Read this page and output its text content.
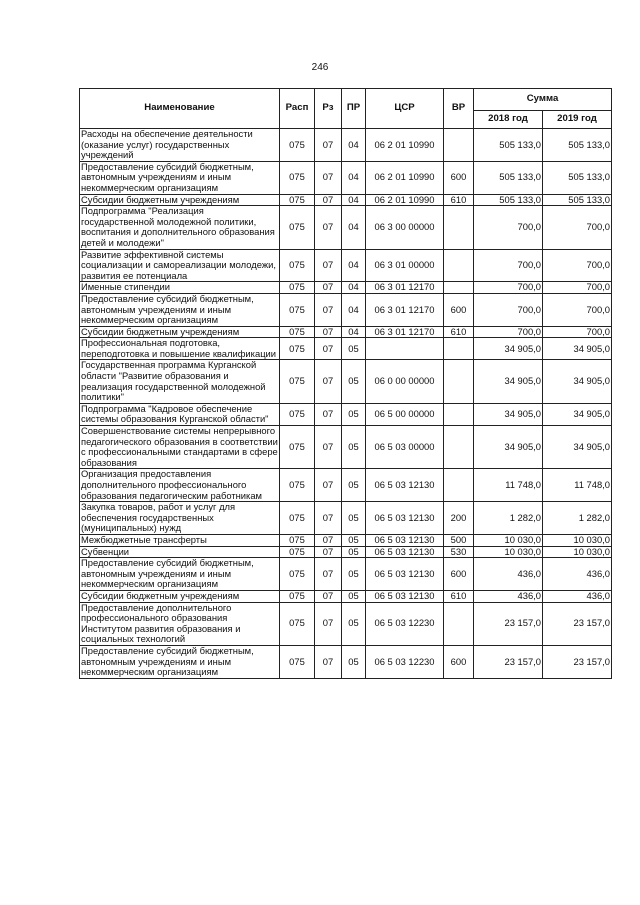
246
Наименование	Расп	Рз	ПР	ЦСР	ВР	Сумма	
						2018 год	2019 год
Расходы на обеспечение деятельности (оказание услуг) государственных учреждений	075	07	04	06 2 01 10990		505 133,0	505 133,0
Предоставление субсидий бюджетным, автономным учреждениям и иным некоммерческим организациям	075	07	04	06 2 01 10990	600	505 133,0	505 133,0
Субсидии бюджетным учреждениям	075	07	04	06 2 01 10990	610	505 133,0	505 133,0
Подпрограмма "Реализация государственной молодежной политики, воспитания и дополнительного образования детей и молодежи"	075	07	04	06 3 00 00000		700,0	700,0
Развитие эффективной системы социализации и самореализации молодежи, развития ее потенциала	075	07	04	06 3 01 00000		700,0	700,0
Именные стипендии	075	07	04	06 3 01 12170		700,0	700,0
Предоставление субсидий бюджетным, автономным учреждениям и иным некоммерческим организациям	075	07	04	06 3 01 12170	600	700,0	700,0
Субсидии бюджетным учреждениям	075	07	04	06 3 01 12170	610	700,0	700,0
Профессиональная подготовка, переподготовка и повышение квалификации	075	07	05			34 905,0	34 905,0
Государственная программа Курганской области "Развитие образования и реализация государственной молодежной политики"	075	07	05	06 0 00 00000		34 905,0	34 905,0
Подпрограмма "Кадровое обеспечение системы образования Курганской области"	075	07	05	06 5 00 00000		34 905,0	34 905,0
Совершенствование системы непрерывного педагогического образования в соответствии с профессиональными стандартами в сфере образования	075	07	05	06 5 03 00000		34 905,0	34 905,0
Организация предоставления дополнительного профессионального образования педагогическим работникам	075	07	05	06 5 03 12130		11 748,0	11 748,0
Закупка товаров, работ и услуг для обеспечения государственных (муниципальных) нужд	075	07	05	06 5 03 12130	200	1 282,0	1 282,0
Межбюджетные трансферты	075	07	05	06 5 03 12130	500	10 030,0	10 030,0
Субвенции	075	07	05	06 5 03 12130	530	10 030,0	10 030,0
Предоставление субсидий бюджетным, автономным учреждениям и иным некоммерческим организациям	075	07	05	06 5 03 12130	600	436,0	436,0
Субсидии бюджетным учреждениям	075	07	05	06 5 03 12130	610	436,0	436,0
Предоставление дополнительного профессионального образования Институтом развития образования и социальных технологий	075	07	05	06 5 03 12230		23 157,0	23 157,0
Предоставление субсидий бюджетным, автономным учреждениям и иным некоммерческим организациям	075	07	05	06 5 03 12230	600	23 157,0	23 157,0
